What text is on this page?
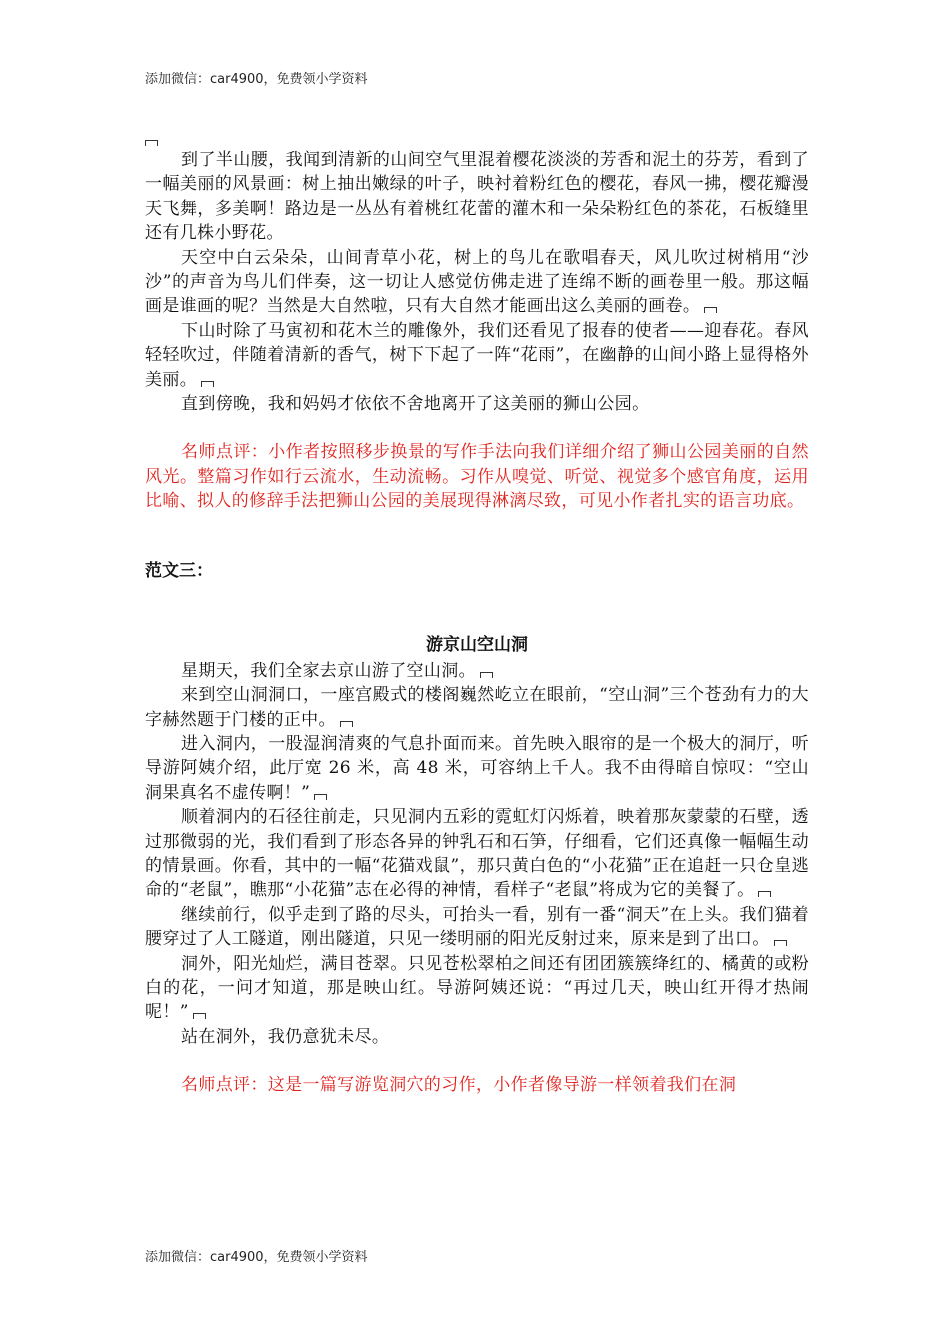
添加微信：car4900，免费领小学资料

到了半山腰，我闻到清新的山间空气里混着樱花淡淡的芳香和泥土的芬芳，看到了一幅美丽的风景画：树上抽出嫩绿的叶子，映衬着粉红色的樱花，春风一拂，樱花瓣漫天飞舞，多美啊！路边是一丛丛有着桃红花蕾的灌木和一朵朵粉红色的茶花，石板缝里还有几株小野花。

天空中白云朵朵，山间青草小花，树上的鸟儿在歌唱春天，风儿吹过树梢用“沙沙”的声音为鸟儿们伴奏，这一切让人感觉仿佛走进了连绵不断的画卷里一般。那这幅画是谁画的呢？当然是大自然啦，只有大自然才能画出这么美丽的画卷。

下山时除了马寅初和花木兰的雕像外，我们还看见了报春的使者——迎春花。春风轻轻吹过，伴随着清新的香气，树下下起了一阵“花雨”，在幽静的山间小路上显得格外美丽。

直到傍晚，我和妈妈才依依不舍地离开了这美丽的狮山公园。

名师点评：小作者按照移步换景的写作手法向我们详细介绍了狮山公园美丽的自然风光。整篇习作如行云流水，生动流畅。习作从嗅觉、听觉、视觉多个感官角度，运用比喻、拟人的修辞手法把狮山公园的美展现得淋漓尽致，可见小作者扎实的语言功底。

范文三：

游京山空山洞

星期天，我们全家去京山游了空山洞。

来到空山洞洞口，一座宫殿式的楼阁巍然屹立在眼前，“空山洞”三个苍劲有力的大字赫然题于门楼的正中。

进入洞内，一股湿润清爽的气息扑面而来。首先映入眼帘的是一个极大的洞厅，听导游阿姨介绍，此厅宽 26 米，高 48 米，可容纳上千人。我不由得暗自惊叹：“空山洞果真名不虚传啊！”

顺着洞内的石径往前走，只见洞内五彩的霓虹灯闪烁着，映着那灰蒙蒙的石壁，透过那微弱的光，我们看到了形态各异的钟乳石和石笋，仔细看，它们还真像一幅幅生动的情景画。你看，其中的一幅“花猫戏鼠”，那只黄白色的“小花猫”正在追赶一只仓皇逃命的“老鼠”，瞧那“小花猫”志在必得的神情，看样子“老鼠”将成为它的美餐了。

继续前行，似乎走到了路的尽头，可抬头一看，别有一番“洞天”在上头。我们猫着腰穿过了人工隧道，刚出隧道，只见一缕明丽的阳光反射过来，原来是到了出口。

洞外，阳光灿烂，满目苍翠。只见苍松翠柏之间还有团团簇簇绛红的、橘黄的或粉白的花，一问才知道，那是映山红。导游阿姨还说：“再过几天，映山红开得才热闹呢！”

站在洞外，我仍意犹未尽。

名师点评：这是一篇写游览洞穴的习作，小作者像导游一样领着我们在洞

添加微信：car4900，免费领小学资料
